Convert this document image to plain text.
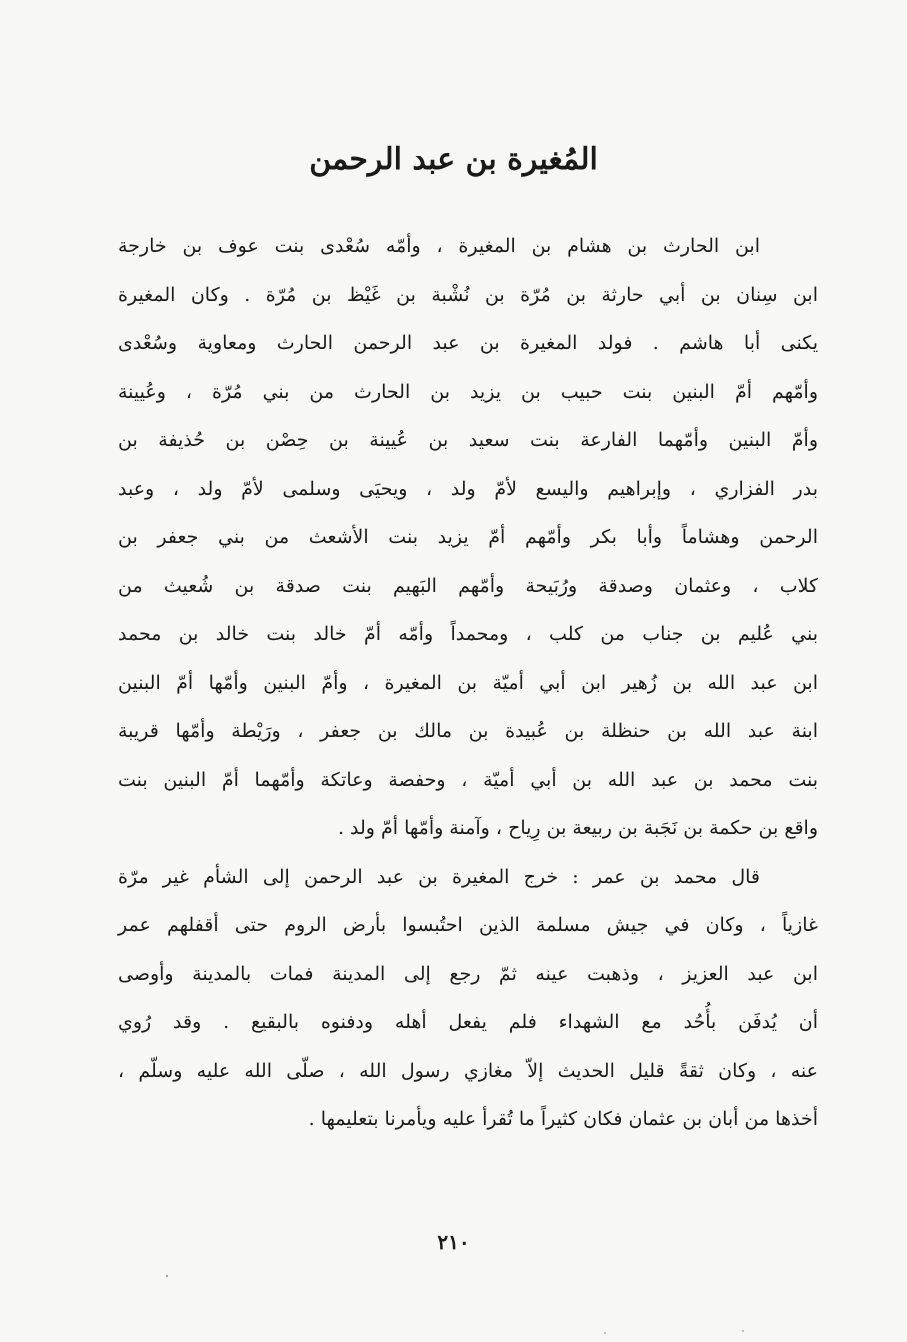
المُغيرة بن عبد الرحمن
ابن الحارث بن هشام بن المغيرة ، وأمّه سُعْدى بنت عوف بن خارجة
ابن سِنان بن أبي حارثة بن مُرّة بن نُشْبة بن غَيْظ بن مُرّة . وكان المغيرة
يكنى أبا هاشم . فولد المغيرة بن عبد الرحمن الحارث ومعاوية وسُعْدى
وأمّهم أمّ البنين بنت حبيب بن يزيد بن الحارث من بني مُرّة ، وعُيينة
وأمّ البنين وأمّهما الفارعة بنت سعيد بن عُيينة بن حِصْن بن حُذيفة بن
بدر الفزاري ، وإبراهيم واليسع لأمّ ولد ، ويحيَى وسلمى لأمّ ولد ، وعبد
الرحمن وهشاماً وأبا بكر وأمّهم أمّ يزيد بنت الأشعث من بني جعفر بن
كلاب ، وعثمان وصدقة ورُبَيحة وأمّهم البَهيم بنت صدقة بن شُعيث من
بني عُليم بن جناب من كلب ، ومحمداً وأمّه أمّ خالد بنت خالد بن محمد
ابن عبد الله بن زُهير ابن أبي أميّة بن المغيرة ، وأمّ البنين وأمّها أمّ البنين
ابنة عبد الله بن حنظلة بن عُبيدة بن مالك بن جعفر ، ورَيْطة وأمّها قريبة
بنت محمد بن عبد الله بن أبي أميّة ، وحفصة وعاتكة وأمّهما أمّ البنين بنت
واقع بن حكمة بن نَجَبة بن ربيعة بن رِياح ، وآمنة وأمّها أمّ ولد .
قال محمد بن عمر : خرج المغيرة بن عبد الرحمن إلى الشأم غير مرّة
غازياً ، وكان في جيش مسلمة الذين احتُبسوا بأرض الروم حتى أقفلهم عمر
ابن عبد العزيز ، وذهبت عينه ثمّ رجع إلى المدينة فمات بالمدينة وأوصى
أن يُدفَن بأُحُد مع الشهداء فلم يفعل أهله ودفنوه بالبقيع . وقد رُوي
عنه ، وكان ثقةً قليل الحديث إلاّ مغازي رسول الله ، صلّى الله عليه وسلّم ،
أخذها من أبان بن عثمان فكان كثيراً ما تُقرأ عليه ويأمرنا بتعليمها .
٢١٠
